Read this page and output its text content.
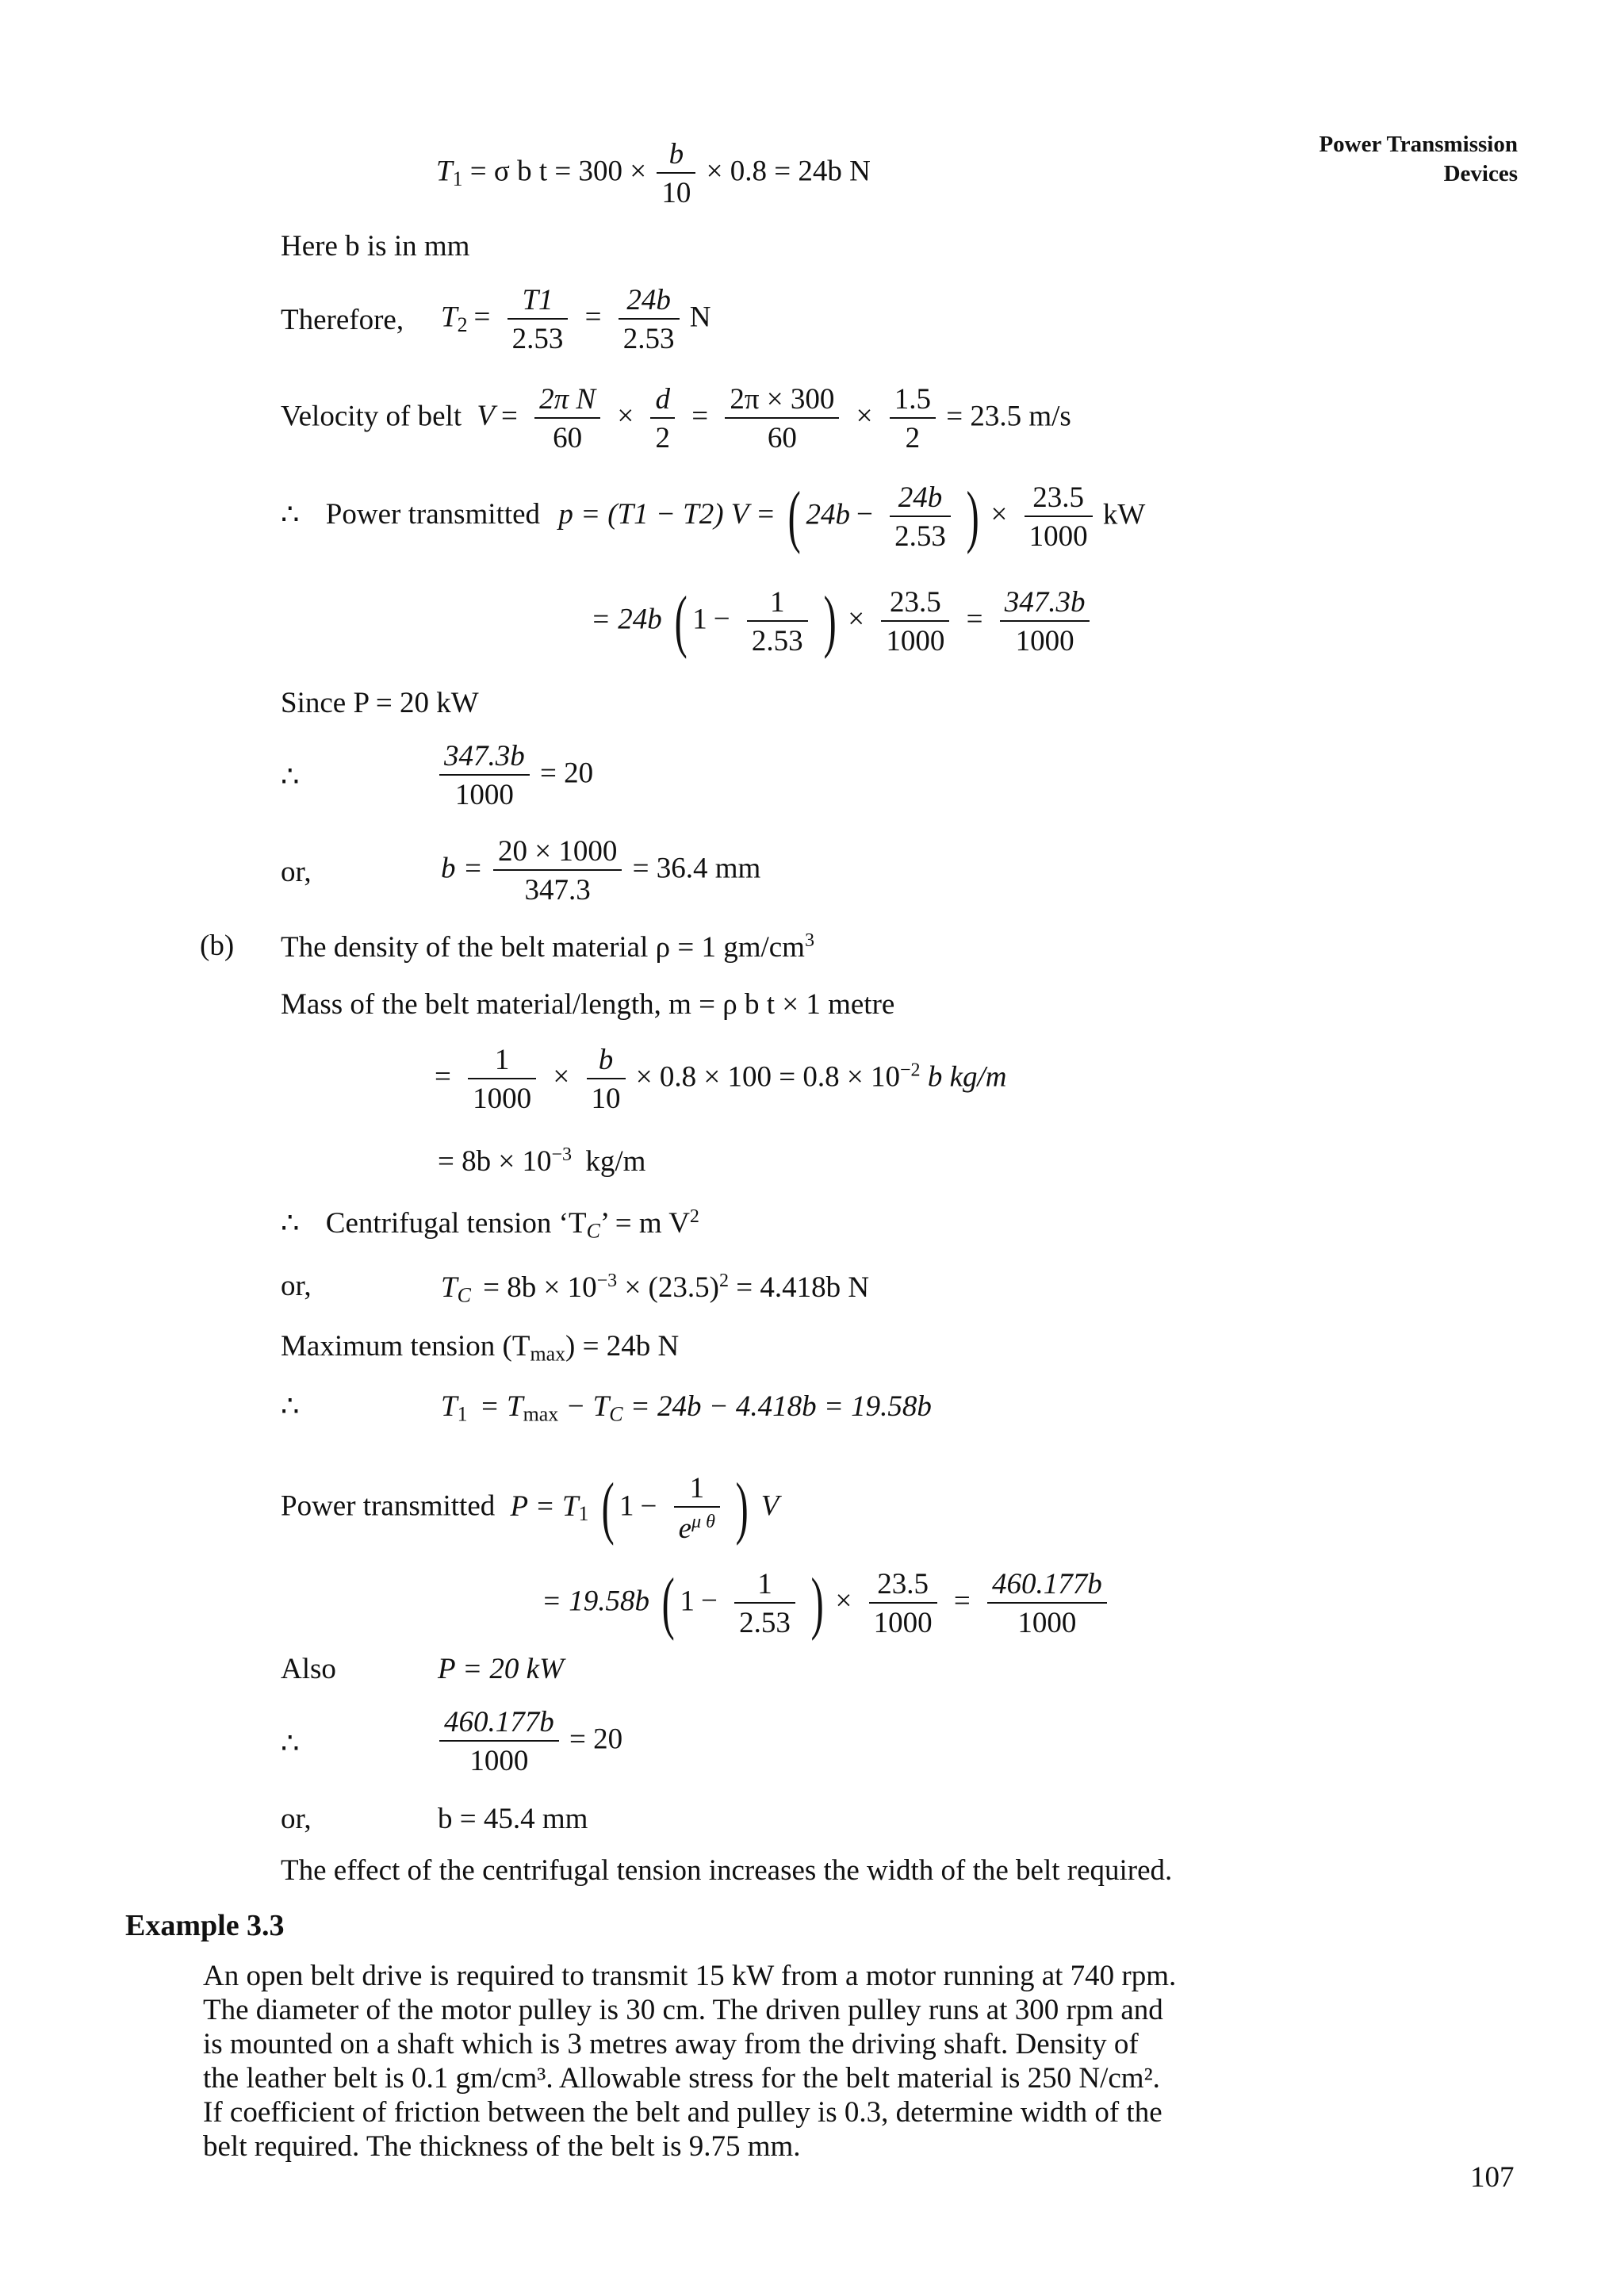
Power Transmission
Devices
$T_1 = \sigma$ b $t = 300 \times \frac{b}{10} \times 0.8 = 24b$ N
Here b is in mm
Therefore, $T_2 = \frac{T1}{2.53} = \frac{24b}{2.53}$ N
Velocity of belt $V = \frac{\text{2π N}}{60} \times \frac{d}{2} = \frac{2\pi \times 300}{60} \times \frac{1.5}{2} = 23.5$ m/s
∴ Power transmitted p = (T1 − T2) V = ( $24b - \frac{24b}{2.53}$ ) × $\frac{23.5}{1000}$ kW
= 24b ( $1 - \frac{1}{2.53}$ ) × $\frac{23.5}{1000} = \frac{347.3b}{1000}$
Since P = 20 kW
∴	$\frac{347.3b}{1000} = 20$
or,	$b = \frac{20 \times 1000}{347.3} = 36.4$ mm
(b) The density of the belt material ρ = 1 $gm/cm^3$
Mass of the belt material/length, m = ρ b t × 1 metre
= $\frac{1}{1000} \times \frac{b}{10} \times 0.8 \times 100 = 0.8 \times 10^{-2}$ b kg/m
= $8b \times 10^{-3}$ kg/m
∴ Centrifugal tension ‘$T_C$’ = m $V^2$
or,	$T_C = 8b \times 10^{-3} \times (23.5)^2 = 4.418b$ N
Maximum tension $(T_{max}) = 24b$ N
∴	$T_1 = T_{max} - T_C = 24b - 4.418b = 19.58b$
Power transmitted $P = T_1$ ( $1 - \frac{1}{e^{\mu \theta}}$ ) V
= 19.58b ( $1 - \frac{1}{2.53}$ ) × $\frac{23.5}{1000} = \frac{460.177b}{1000}$
Also	P = 20 kW
∴	$\frac{460.177b}{1000} = 20$
or,	b = 45.4 mm
The effect of the centrifugal tension increases the width of the belt required.
Example 3.3
An open belt drive is required to transmit 15 kW from a motor running at 740 rpm.
The diameter of the motor pulley is 30 cm. The driven pulley runs at 300 rpm and
is mounted on a shaft which is 3 metres away from the driving shaft. Density of
the leather belt is 0.1 gm/cm³. Allowable stress for the belt material is 250 N/cm².
If coefficient of friction between the belt and pulley is 0.3, determine width of the
belt required. The thickness of the belt is 9.75 mm.
107
